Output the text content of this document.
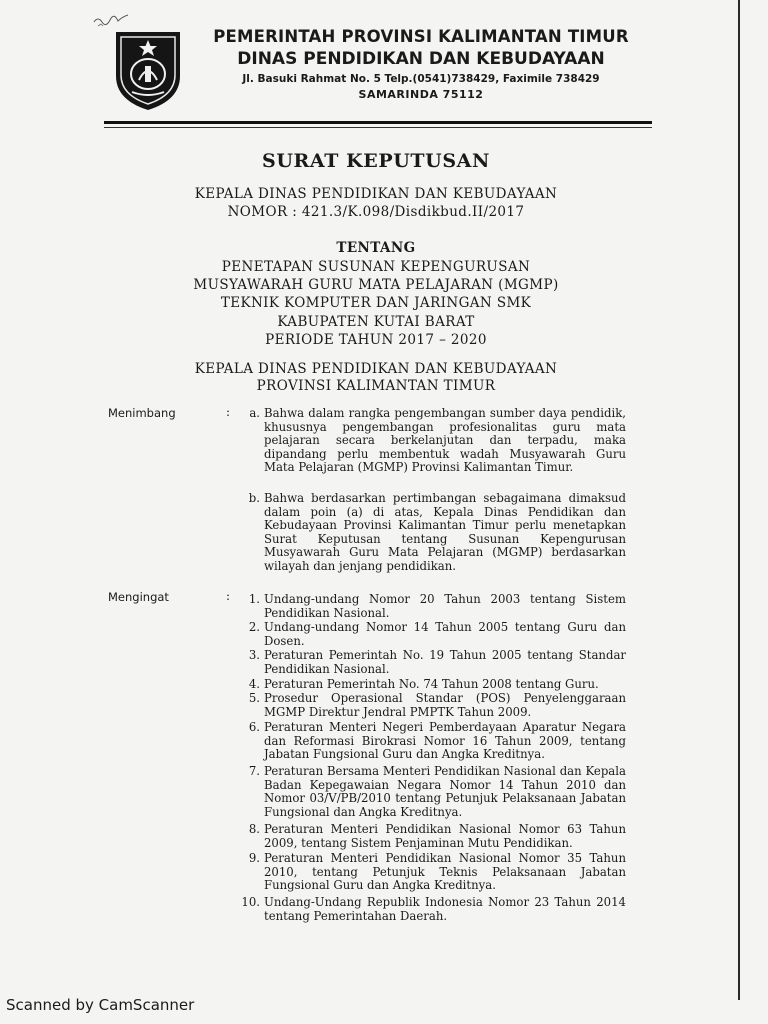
PEMERINTAH PROVINSI KALIMANTAN TIMUR
DINAS PENDIDIKAN DAN KEBUDAYAAN
Jl. Basuki Rahmat No. 5 Telp.(0541)738429, Faximile 738429
SAMARINDA 75112
SURAT KEPUTUSAN
KEPALA DINAS PENDIDIKAN DAN KEBUDAYAAN
NOMOR : 421.3/K.098/Disdikbud.II/2017
TENTANG
PENETAPAN SUSUNAN KEPENGURUSAN
MUSYAWARAH GURU MATA PELAJARAN (MGMP)
TEKNIK KOMPUTER DAN JARINGAN SMK
KABUPATEN KUTAI BARAT
PERIODE TAHUN 2017 – 2020
KEPALA DINAS PENDIDIKAN DAN KEBUDAYAAN
PROVINSI KALIMANTAN TIMUR
Menimbang	:	a. Bahwa dalam rangka pengembangan sumber daya pendidik, khususnya pengembangan profesionalitas guru mata pelajaran secara berkelanjutan dan terpadu, maka dipandang perlu membentuk wadah Musyawarah Guru Mata Pelajaran (MGMP) Provinsi Kalimantan Timur.
b. Bahwa berdasarkan pertimbangan sebagaimana dimaksud dalam poin (a) di atas, Kepala Dinas Pendidikan dan Kebudayaan Provinsi Kalimantan Timur perlu menetapkan Surat Keputusan tentang Susunan Kepengurusan Musyawarah Guru Mata Pelajaran (MGMP) berdasarkan wilayah dan jenjang pendidikan.
Mengingat	:	1. Undang-undang Nomor 20 Tahun 2003 tentang Sistem Pendidikan Nasional.
2. Undang-undang Nomor 14 Tahun 2005 tentang Guru dan Dosen.
3. Peraturan Pemerintah No. 19 Tahun 2005 tentang Standar Pendidikan Nasional.
4. Peraturan Pemerintah No. 74 Tahun 2008 tentang Guru.
5. Prosedur Operasional Standar (POS) Penyelenggaraan MGMP Direktur Jendral PMPTK Tahun 2009.
6. Peraturan Menteri Negeri Pemberdayaan Aparatur Negara dan Reformasi Birokrasi Nomor 16 Tahun 2009, tentang Jabatan Fungsional Guru dan Angka Kreditnya.
7. Peraturan Bersama Menteri Pendidikan Nasional dan Kepala Badan Kepegawaian Negara Nomor 14 Tahun 2010 dan Nomor 03/V/PB/2010 tentang Petunjuk Pelaksanaan Jabatan Fungsional dan Angka Kreditnya.
8. Peraturan Menteri Pendidikan Nasional Nomor 63 Tahun 2009, tentang Sistem Penjaminan Mutu Pendidikan.
9. Peraturan Menteri Pendidikan Nasional Nomor 35 Tahun 2010, tentang Petunjuk Teknis Pelaksanaan Jabatan Fungsional Guru dan Angka Kreditnya.
10. Undang-Undang Republik Indonesia Nomor 23 Tahun 2014 tentang Pemerintahan Daerah.
Scanned by CamScanner
